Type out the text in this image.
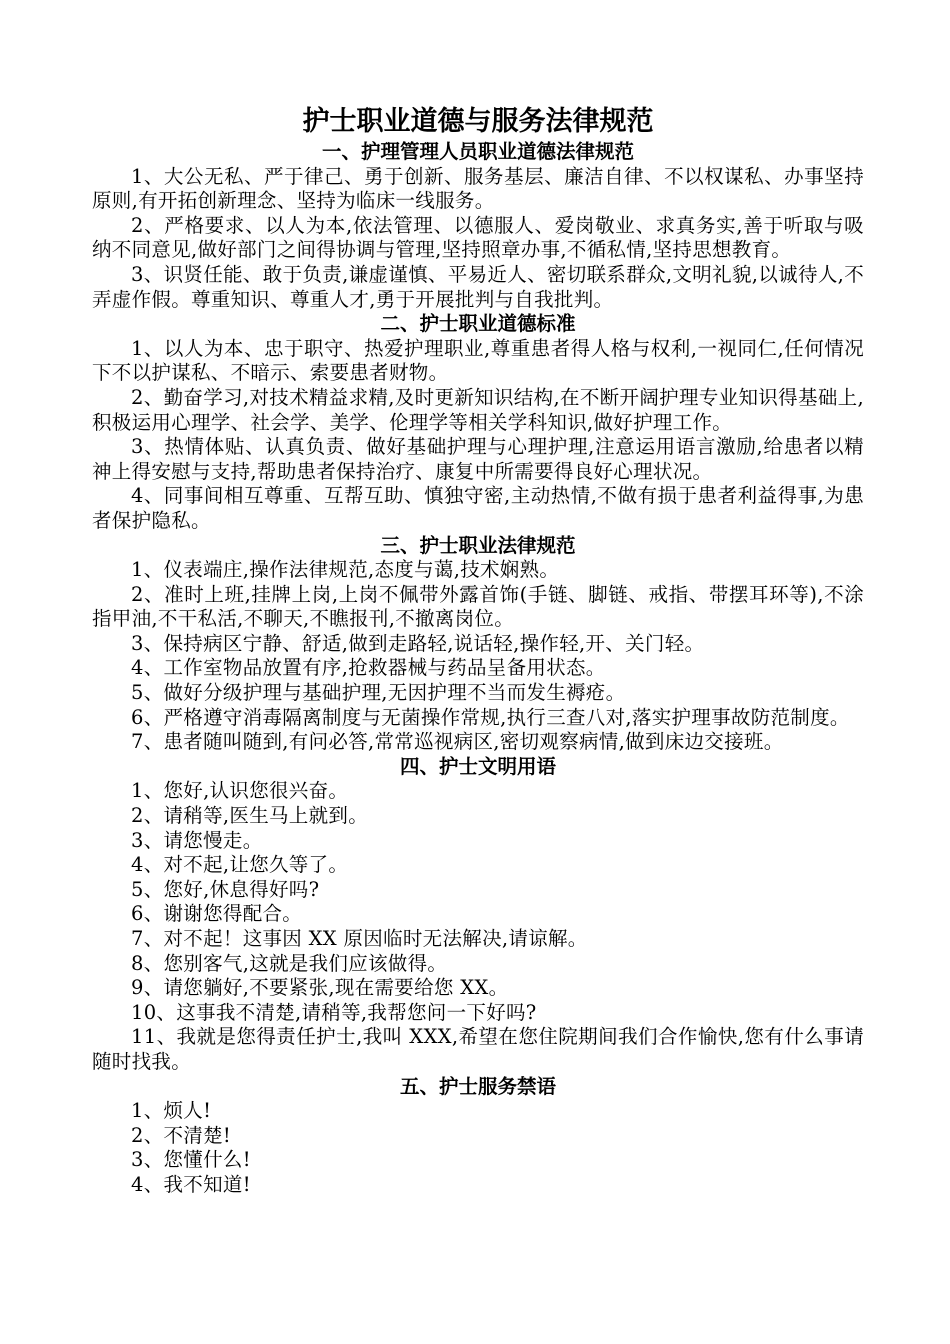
护士职业道德与服务法律规范
一、护理管理人员职业道德法律规范

1、大公无私、严于律己、勇于创新、服务基层、廉洁自律、不以权谋私、办事坚持原则,有开拓创新理念、坚持为临床一线服务。

2、严格要求、以人为本,依法管理、以德服人、爱岗敬业、求真务实,善于听取与吸纳不同意见,做好部门之间得协调与管理,坚持照章办事,不循私情,坚持思想教育。

3、识贤任能、敢于负责,谦虚谨慎、平易近人、密切联系群众,文明礼貌,以诚待人,不弄虚作假。尊重知识、尊重人才,勇于开展批判与自我批判。

二、护士职业道德标准

1、以人为本、忠于职守、热爱护理职业,尊重患者得人格与权利,一视同仁,任何情况下不以护谋私、不暗示、索要患者财物。

2、勤奋学习,对技术精益求精,及时更新知识结构,在不断开阔护理专业知识得基础上,积极运用心理学、社会学、美学、伦理学等相关学科知识,做好护理工作。

3、热情体贴、认真负责、做好基础护理与心理护理,注意运用语言激励,给患者以精神上得安慰与支持,帮助患者保持治疗、康复中所需要得良好心理状况。

4、同事间相互尊重、互帮互助、慎独守密,主动热情,不做有损于患者利益得事,为患者保护隐私。

三、护士职业法律规范

1、仪表端庄,操作法律规范,态度与蔼,技术娴熟。

2、准时上班,挂牌上岗,上岗不佩带外露首饰(手链、脚链、戒指、带摆耳环等),不涂指甲油,不干私活,不聊天,不瞧报刊,不撤离岗位。

3、保持病区宁静、舒适,做到走路轻,说话轻,操作轻,开、关门轻。

4、工作室物品放置有序,抢救器械与药品呈备用状态。

5、做好分级护理与基础护理,无因护理不当而发生褥疮。

6、严格遵守消毒隔离制度与无菌操作常规,执行三查八对,落实护理事故防范制度。

7、患者随叫随到,有问必答,常常巡视病区,密切观察病情,做到床边交接班。

四、护士文明用语

1、您好,认识您很兴奋。

2、请稍等,医生马上就到。

3、请您慢走。

4、对不起,让您久等了。

5、您好,休息得好吗?

6、谢谢您得配合。

7、对不起！这事因 XX 原因临时无法解决,请谅解。

8、您别客气,这就是我们应该做得。

9、请您躺好,不要紧张,现在需要给您 XX。

10、这事我不清楚,请稍等,我帮您问一下好吗?

11、我就是您得责任护士,我叫 XXX,希望在您住院期间我们合作愉快,您有什么事请随时找我。

五、护士服务禁语

1、烦人!

2、不清楚!

3、您懂什么!

4、我不知道!
